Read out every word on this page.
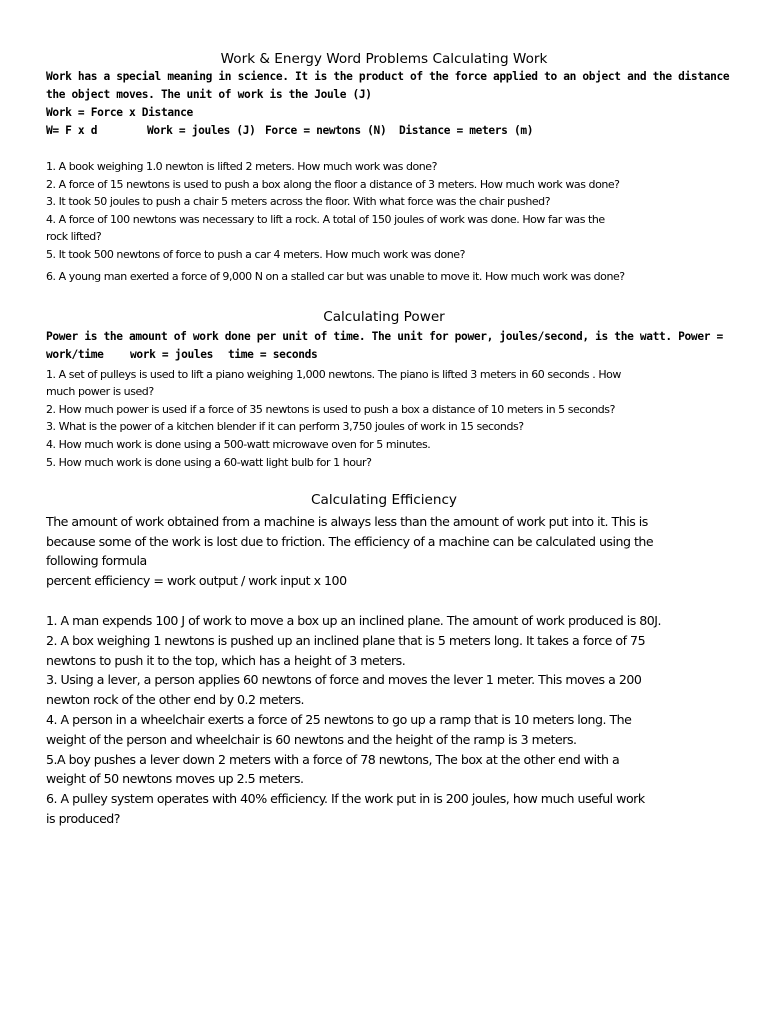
Work & Energy Word Problems Calculating Work
Work has a special meaning in science. It is the product of the force applied to an object and the distance
the object moves. The unit of work is the Joule (J)
Work = Force x Distance
W= F x d	Work = joules (J) Force = newtons (N) Distance = meters (m)
1. A book weighing 1.0 newton is lifted 2 meters. How much work was done?
2. A force of 15 newtons is used to push a box along the floor a distance of 3 meters. How much work was done?
3. It took 50 joules to push a chair 5 meters across the floor. With what force was the chair pushed?
4. A force of 100 newtons was necessary to lift a rock. A total of 150 joules of work was done. How far was the
rock lifted?
5. It took 500 newtons of force to push a car 4 meters. How much work was done?
6. A young man exerted a force of 9,000 N on a stalled car but was unable to move it. How much work was done?
Calculating Power
Power is the amount of work done per unit of time. The unit for power, joules/second, is the watt. Power =
work/time work = joules time = seconds
1. A set of pulleys is used to lift a piano weighing 1,000 newtons. The piano is lifted 3 meters in 60 seconds . How
much power is used?
2. How much power is used if a force of 35 newtons is used to push a box a distance of 10 meters in 5 seconds?
3. What is the power of a kitchen blender if it can perform 3,750 joules of work in 15 seconds?
4. How much work is done using a 500-watt microwave oven for 5 minutes.
5. How much work is done using a 60-watt light bulb for 1 hour?
Calculating Efficiency
The amount of work obtained from a machine is always less than the amount of work put into it. This is
because some of the work is lost due to friction. The efficiency of a machine can be calculated using the
following formula
percent efficiency = work output / work input x 100
1. A man expends 100 J of work to move a box up an inclined plane. The amount of work produced is 80J.
2. A box weighing 1 newtons is pushed up an inclined plane that is 5 meters long. It takes a force of 75
newtons to push it to the top, which has a height of 3 meters.
3. Using a lever, a person applies 60 newtons of force and moves the lever 1 meter. This moves a 200
newton rock of the other end by 0.2 meters.
4. A person in a wheelchair exerts a force of 25 newtons to go up a ramp that is 10 meters long. The
weight of the person and wheelchair is 60 newtons and the height of the ramp is 3 meters.
5.A boy pushes a lever down 2 meters with a force of 78 newtons, The box at the other end with a
weight of 50 newtons moves up 2.5 meters.
6. A pulley system operates with 40% efficiency. If the work put in is 200 joules, how much useful work
is produced?
